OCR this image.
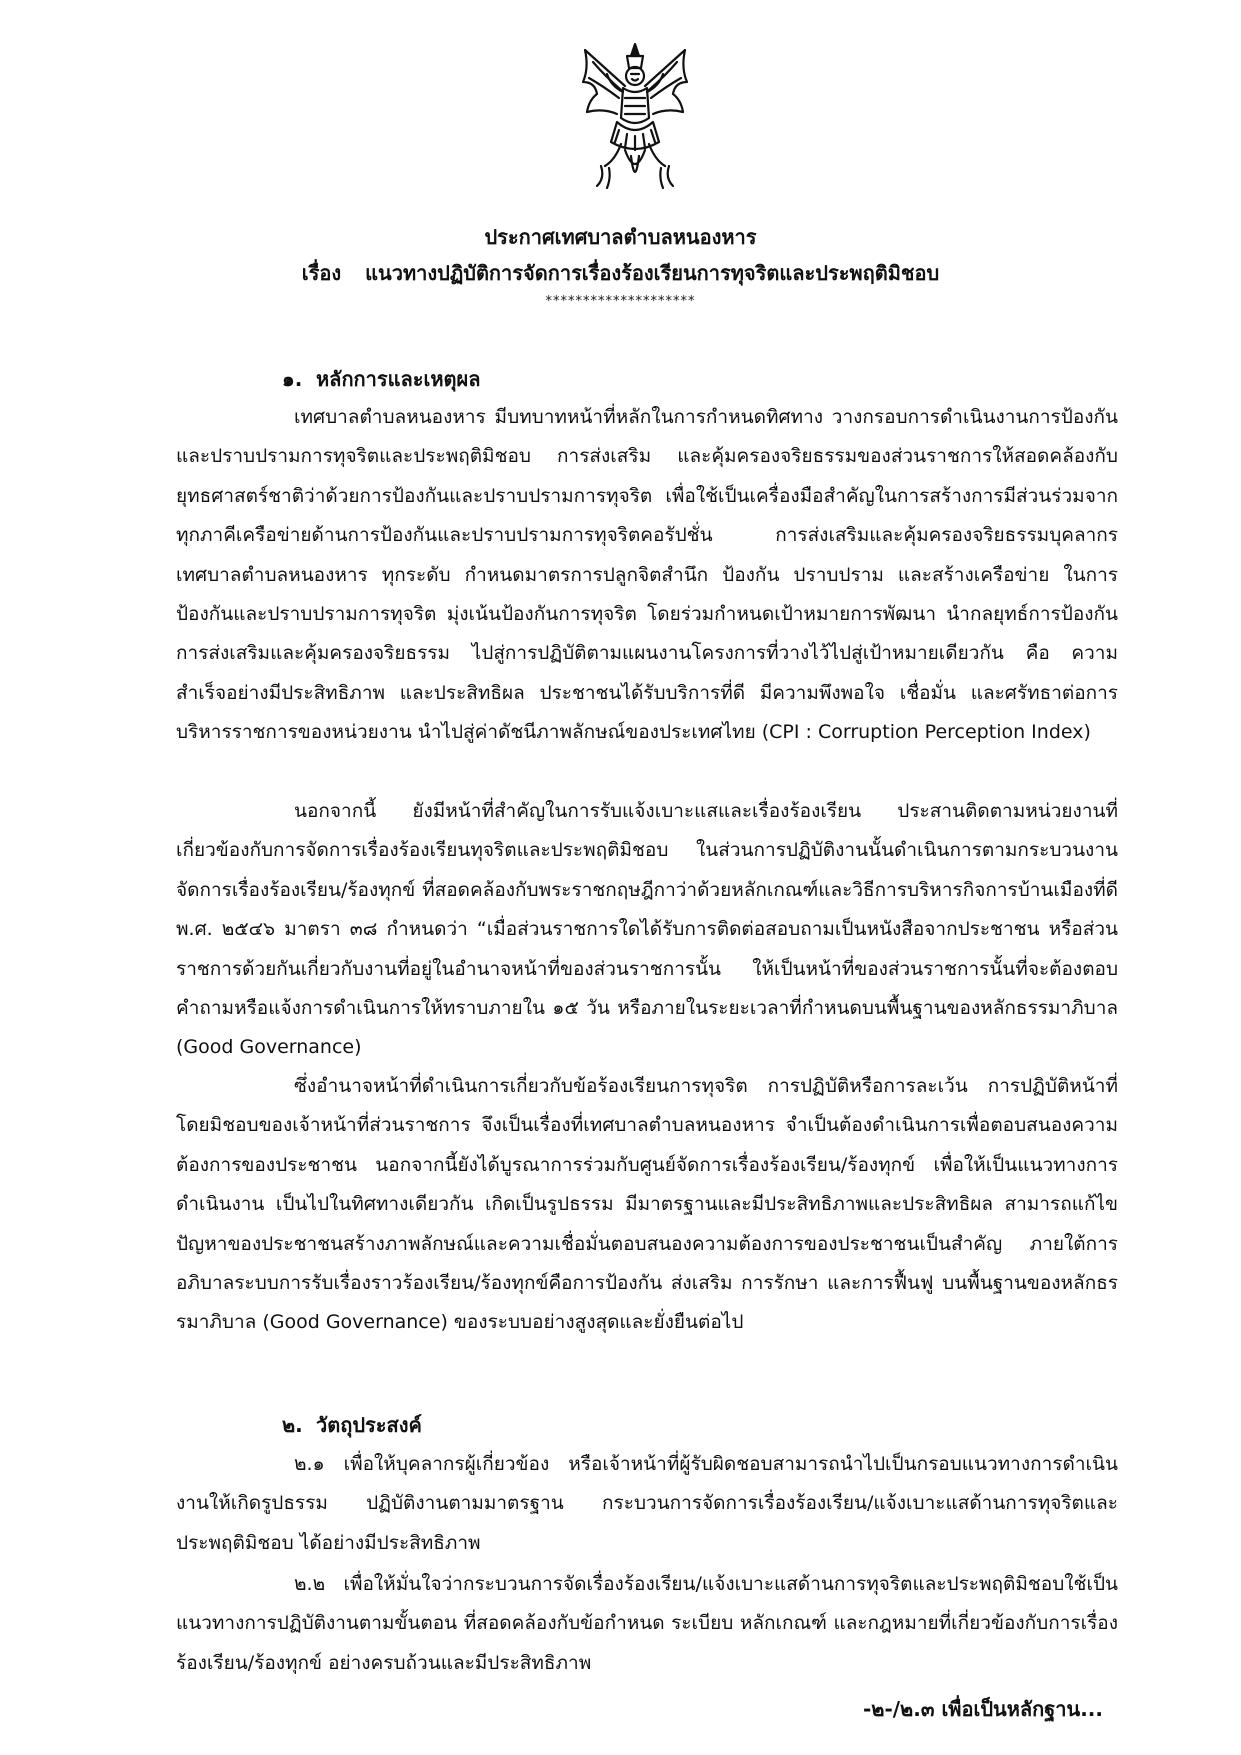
ประกาศเทศบาลตำบลหนองหาร
เรื่อง แนวทางปฏิบัติการจัดการเรื่องร้องเรียนการทุจริตและประพฤติมิชอบ
********************
๑. หลักการและเหตุผล

เทศบาลตำบลหนองหาร มีบทบาทหน้าที่หลักในการกำหนดทิศทาง วางกรอบการดำเนินงานการป้องกันและปราบปรามการทุจริตและประพฤติมิชอบ การส่งเสริม และคุ้มครองจริยธรรมของส่วนราชการให้สอดคล้องกับยุทธศาสตร์ชาติว่าด้วยการป้องกันและปราบปรามการทุจริต เพื่อใช้เป็นเครื่องมือสำคัญในการสร้างการมีส่วนร่วมจากทุกภาคีเครือข่ายด้านการป้องกันและปราบปรามการทุจริตคอรัปชั่น การส่งเสริมและคุ้มครองจริยธรรมบุคลากรเทศบาลตำบลหนองหาร ทุกระดับ กำหนดมาตรการปลูกจิตสำนึก ป้องกัน ปราบปราม และสร้างเครือข่าย ในการป้องกันและปราบปรามการทุจริต มุ่งเน้นป้องกันการทุจริต โดยร่วมกำหนดเป้าหมายการพัฒนา นำกลยุทธ์การป้องกันการส่งเสริมและคุ้มครองจริยธรรม ไปสู่การปฏิบัติตามแผนงานโครงการที่วางไว้ไปสู่เป้าหมายเดียวกัน คือ ความสำเร็จอย่างมีประสิทธิภาพ และประสิทธิผล ประชาชนได้รับบริการที่ดี มีความพึงพอใจ เชื่อมั่น และศรัทธาต่อการบริหารราชการของหน่วยงาน นำไปสู่ค่าดัชนีภาพลักษณ์ของประเทศไทย (CPI : Corruption Perception Index)

นอกจากนี้ ยังมีหน้าที่สำคัญในการรับแจ้งเบาะแสและเรื่องร้องเรียน ประสานติดตามหน่วยงานที่เกี่ยวข้องกับการจัดการเรื่องร้องเรียนทุจริตและประพฤติมิชอบ ในส่วนการปฏิบัติงานนั้นดำเนินการตามกระบวนงานจัดการเรื่องร้องเรียน/ร้องทุกข์ ที่สอดคล้องกับพระราชกฤษฎีกาว่าด้วยหลักเกณฑ์และวิธีการบริหารกิจการบ้านเมืองที่ดี พ.ศ. ๒๕๔๖ มาตรา ๓๘ กำหนดว่า “เมื่อส่วนราชการใดได้รับการติดต่อสอบถามเป็นหนังสือจากประชาชน หรือส่วนราชการด้วยกันเกี่ยวกับงานที่อยู่ในอำนาจหน้าที่ของส่วนราชการนั้น ให้เป็นหน้าที่ของส่วนราชการนั้นที่จะต้องตอบคำถามหรือแจ้งการดำเนินการให้ทราบภายใน ๑๕ วัน หรือภายในระยะเวลาที่กำหนดบนพื้นฐานของหลักธรรมาภิบาล (Good Governance)

ซึ่งอำนาจหน้าที่ดำเนินการเกี่ยวกับข้อร้องเรียนการทุจริต การปฏิบัติหรือการละเว้น การปฏิบัติหน้าที่โดยมิชอบของเจ้าหน้าที่ส่วนราชการ จึงเป็นเรื่องที่เทศบาลตำบลหนองหาร จำเป็นต้องดำเนินการเพื่อตอบสนองความต้องการของประชาชน นอกจากนี้ยังได้บูรณาการร่วมกับศูนย์จัดการเรื่องร้องเรียน/ร้องทุกข์ เพื่อให้เป็นแนวทางการดำเนินงาน เป็นไปในทิศทางเดียวกัน เกิดเป็นรูปธรรม มีมาตรฐานและมีประสิทธิภาพและประสิทธิผล สามารถแก้ไขปัญหาของประชาชนสร้างภาพลักษณ์และความเชื่อมั่นตอบสนองความต้องการของประชาชนเป็นสำคัญ ภายใต้การอภิบาลระบบการรับเรื่องราวร้องเรียน/ร้องทุกข์คือการป้องกัน ส่งเสริม การรักษา และการฟื้นฟู บนพื้นฐานของหลักธรรมาภิบาล (Good Governance) ของระบบอย่างสูงสุดและยั่งยืนต่อไป

๒. วัตถุประสงค์

๒.๑ เพื่อให้บุคลากรผู้เกี่ยวข้อง หรือเจ้าหน้าที่ผู้รับผิดชอบสามารถนำไปเป็นกรอบแนวทางการดำเนินงานให้เกิดรูปธรรม ปฏิบัติงานตามมาตรฐาน กระบวนการจัดการเรื่องร้องเรียน/แจ้งเบาะแสด้านการทุจริตและประพฤติมิชอบ ได้อย่างมีประสิทธิภาพ

๒.๒ เพื่อให้มั่นใจว่ากระบวนการจัดเรื่องร้องเรียน/แจ้งเบาะแสด้านการทุจริตและประพฤติมิชอบใช้เป็นแนวทางการปฏิบัติงานตามขั้นตอน ที่สอดคล้องกับข้อกำหนด ระเบียบ หลักเกณฑ์ และกฎหมายที่เกี่ยวข้องกับการเรื่องร้องเรียน/ร้องทุกข์ อย่างครบถ้วนและมีประสิทธิภาพ

-๒-/๒.๓ เพื่อเป็นหลักฐาน...
